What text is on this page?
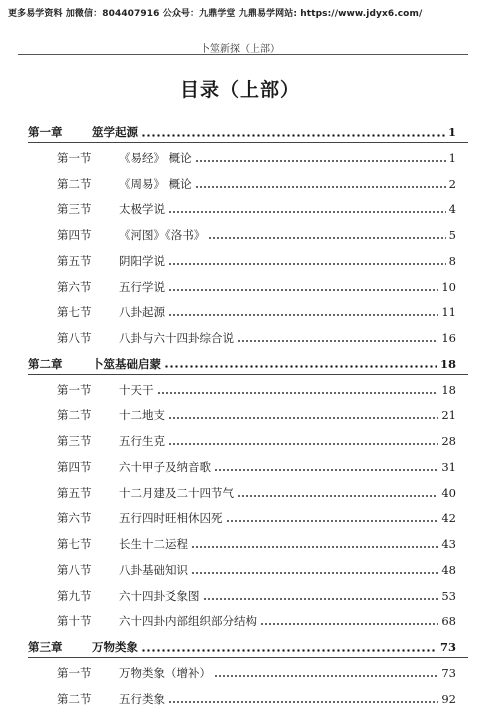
更多易学资料 加微信：804407916 公众号：九鼎学堂 九鼎易学网站: https://www.jdyx6.com/
卜筮新探（上部）
目录（上部）
第一章	筮学起源	1
第一节	《易经》 概论	1
第二节	《周易》 概论	2
第三节	太极学说	4
第四节	《河图》《洛书》	5
第五节	阴阳学说	8
第六节	五行学说	10
第七节	八卦起源	11
第八节	八卦与六十四卦综合说	16
第二章	卜筮基础启蒙	18
第一节	十天干	18
第二节	十二地支	21
第三节	五行生克	28
第四节	六十甲子及纳音歌	31
第五节	十二月建及二十四节气	40
第六节	五行四时旺相休囚死	42
第七节	长生十二运程	43
第八节	八卦基础知识	48
第九节	六十四卦爻象图	53
第十节	六十四卦内部组织部分结构	68
第三章	万物类象	73
第一节	万物类象（增补）	73
第二节	五行类象	92
